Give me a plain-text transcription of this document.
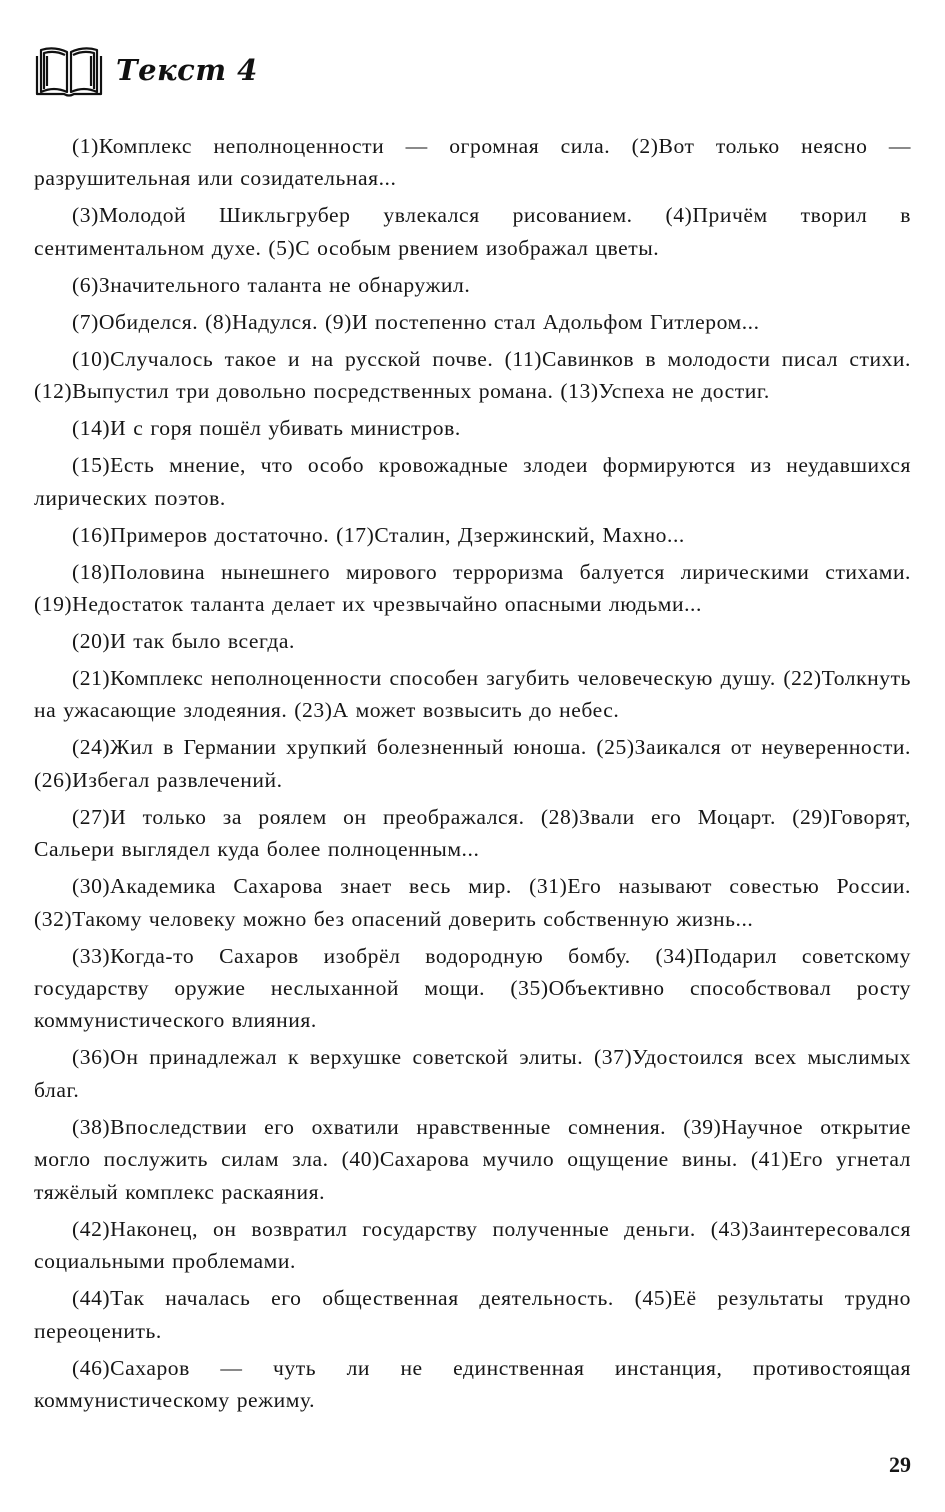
Текст 4

(1)Комплекс неполноценности — огромная сила. (2)Вот только неясно — разрушительная или созидательная...

(3)Молодой Шикльгрубер увлекался рисованием. (4)Причём творил в сентиментальном духе. (5)С особым рвением изображал цветы.

(6)Значительного таланта не обнаружил.

(7)Обиделся. (8)Надулся. (9)И постепенно стал Адольфом Гитлером...

(10)Случалось такое и на русской почве. (11)Савинков в молодости писал стихи. (12)Выпустил три довольно посредственных романа. (13)Успеха не достиг.

(14)И с горя пошёл убивать министров.

(15)Есть мнение, что особо кровожадные злодеи формируются из неудавшихся лирических поэтов.

(16)Примеров достаточно. (17)Сталин, Дзержинский, Махно...

(18)Половина нынешнего мирового терроризма балуется лирическими стихами. (19)Недостаток таланта делает их чрезвычайно опасными людьми...

(20)И так было всегда.

(21)Комплекс неполноценности способен загубить человеческую душу. (22)Толкнуть на ужасающие злодеяния. (23)А может возвысить до небес.

(24)Жил в Германии хрупкий болезненный юноша. (25)Заикался от неуверенности. (26)Избегал развлечений.

(27)И только за роялем он преображался. (28)Звали его Моцарт. (29)Говорят, Сальери выглядел куда более полноценным...

(30)Академика Сахарова знает весь мир. (31)Его называют совестью России. (32)Такому человеку можно без опасений доверить собственную жизнь...

(33)Когда-то Сахаров изобрёл водородную бомбу. (34)Подарил советскому государству оружие неслыханной мощи. (35)Объективно способствовал росту коммунистического влияния.

(36)Он принадлежал к верхушке советской элиты. (37)Удостоился всех мыслимых благ.

(38)Впоследствии его охватили нравственные сомнения. (39)Научное открытие могло послужить силам зла. (40)Сахарова мучило ощущение вины. (41)Его угнетал тяжёлый комплекс раскаяния.

(42)Наконец, он возвратил государству полученные деньги. (43)Заинтересовался социальными проблемами.

(44)Так началась его общественная деятельность. (45)Её результаты трудно переоценить.

(46)Сахаров — чуть ли не единственная инстанция, противостоящая коммунистическому режиму.

29
